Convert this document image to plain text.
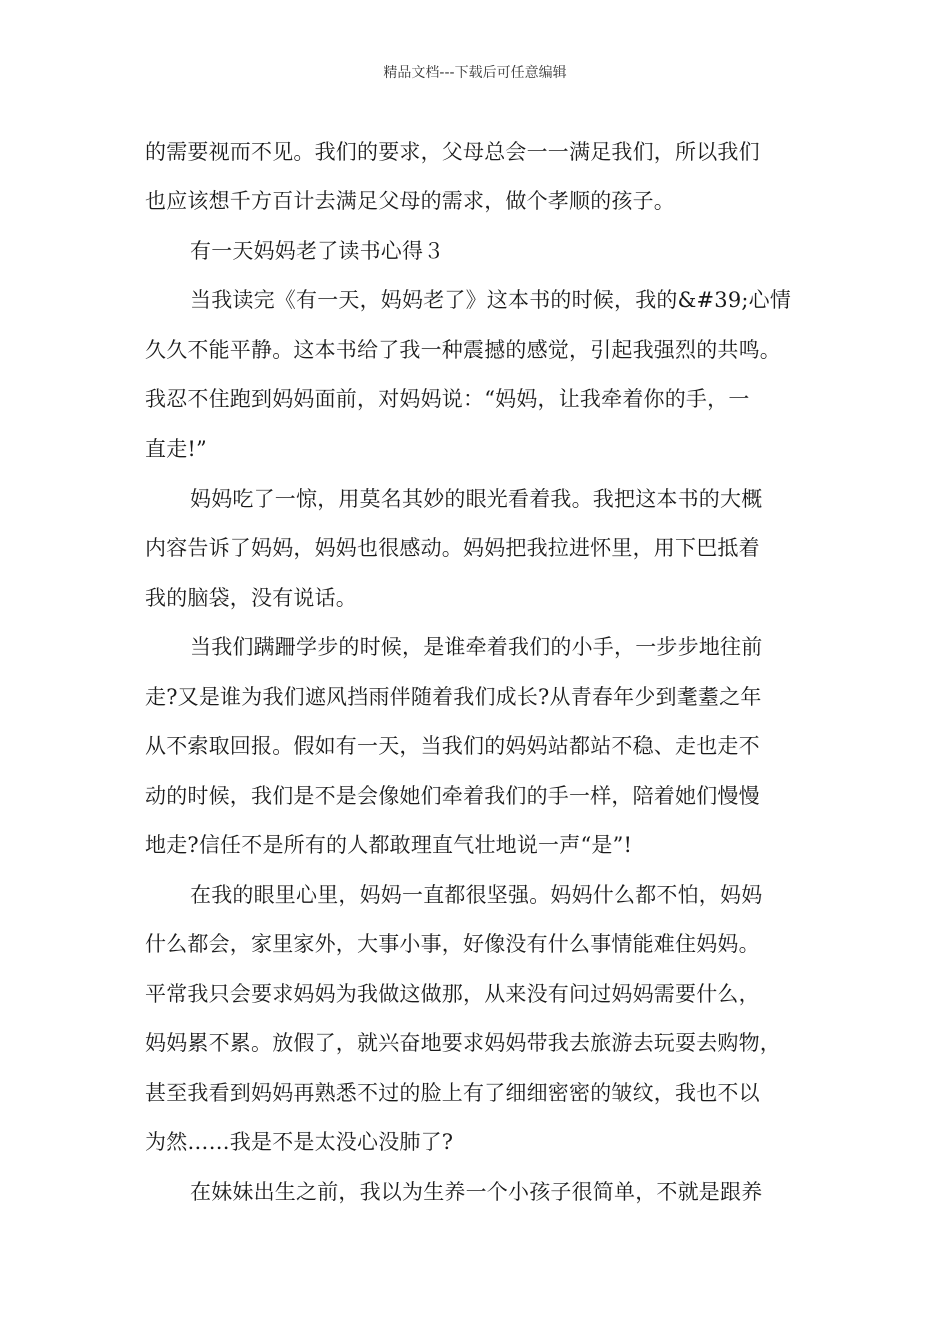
精品文档---下载后可任意编辑
的需要视而不见。我们的要求，父母总会一一满足我们，所以我们
也应该想千方百计去满足父母的需求，做个孝顺的孩子。
有一天妈妈老了读书心得３
当我读完《有一天，妈妈老了》这本书的时候，我的&#39;心情
久久不能平静。这本书给了我一种震撼的感觉，引起我强烈的共鸣。
我忍不住跑到妈妈面前，对妈妈说：“妈妈，让我牵着你的手，一
直走!”
妈妈吃了一惊，用莫名其妙的眼光看着我。我把这本书的大概
内容告诉了妈妈，妈妈也很感动。妈妈把我拉进怀里，用下巴抵着
我的脑袋，没有说话。
当我们蹒跚学步的时候，是谁牵着我们的小手，一步步地往前
走?又是谁为我们遮风挡雨伴随着我们成长?从青春年少到耄耋之年
从不索取回报。假如有一天，当我们的妈妈站都站不稳、走也走不
动的时候，我们是不是会像她们牵着我们的手一样，陪着她们慢慢
地走?信任不是所有的人都敢理直气壮地说一声“是”!
在我的眼里心里，妈妈一直都很坚强。妈妈什么都不怕，妈妈
什么都会，家里家外，大事小事，好像没有什么事情能难住妈妈。
平常我只会要求妈妈为我做这做那，从来没有问过妈妈需要什么，
妈妈累不累。放假了，就兴奋地要求妈妈带我去旅游去玩耍去购物，
甚至我看到妈妈再熟悉不过的脸上有了细细密密的皱纹，我也不以
为然……我是不是太没心没肺了?
在妹妹出生之前，我以为生养一个小孩子很简单，不就是跟养
